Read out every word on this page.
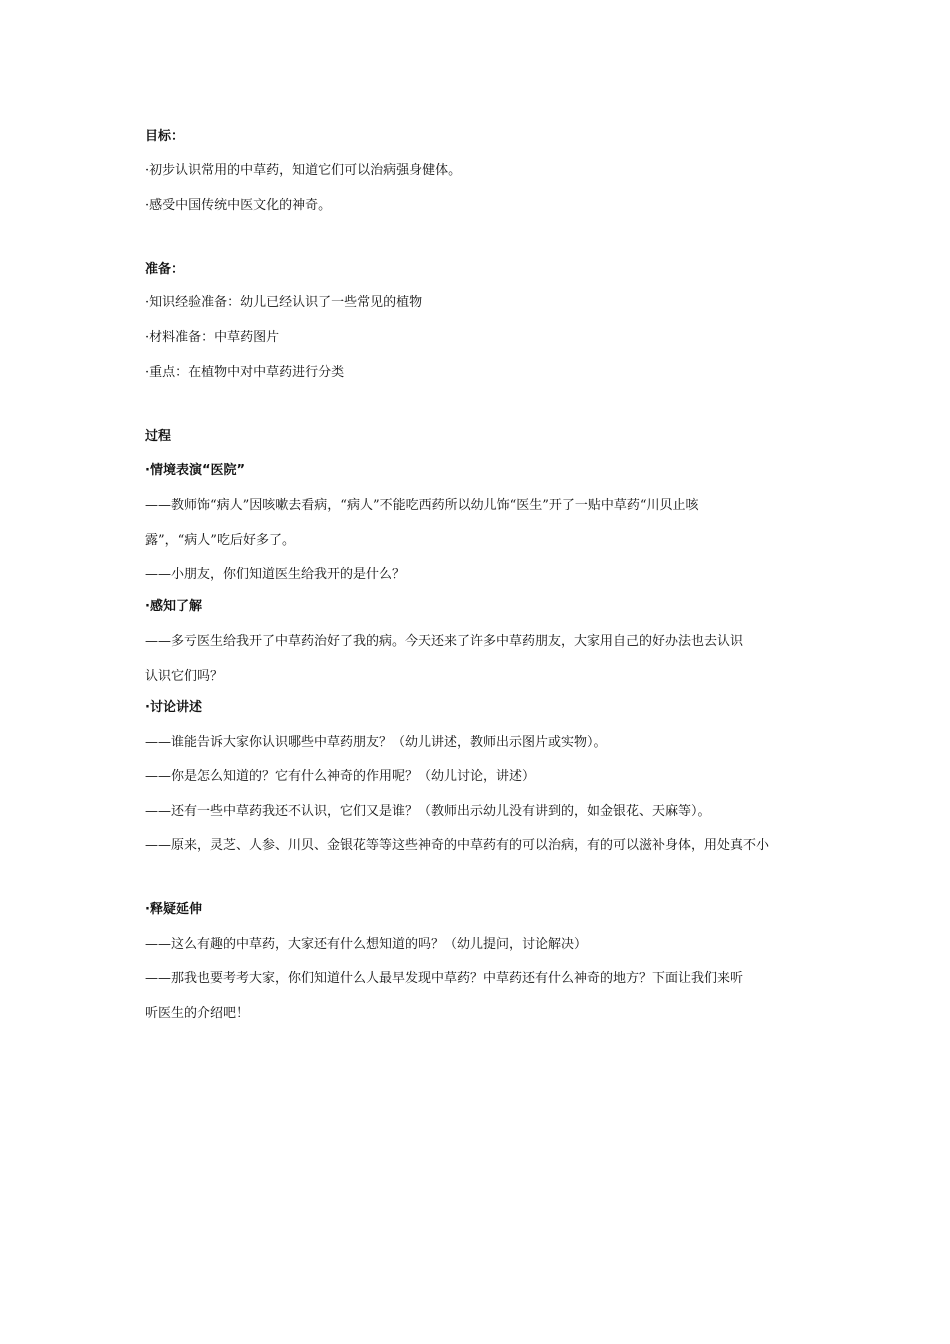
目标：
·初步认识常用的中草药，知道它们可以治病强身健体。
·感受中国传统中医文化的神奇。
准备：
·知识经验准备：幼儿已经认识了一些常见的植物
·材料准备：中草药图片
·重点：在植物中对中草药进行分类
过程
·情境表演“医院”
——教师饰“病人”因咳嗽去看病，“病人”不能吃西药所以幼儿饰“医生”开了一贴中草药“川贝止咳
露”，“病人”吃后好多了。
——小朋友，你们知道医生给我开的是什么？
·感知了解
——多亏医生给我开了中草药治好了我的病。今天还来了许多中草药朋友，大家用自己的好办法也去认识
认识它们吗？
·讨论讲述
——谁能告诉大家你认识哪些中草药朋友？（幼儿讲述，教师出示图片或实物）。
——你是怎么知道的？它有什么神奇的作用呢？（幼儿讨论，讲述）
——还有一些中草药我还不认识，它们又是谁？（教师出示幼儿没有讲到的，如金银花、天麻等）。
——原来，灵芝、人参、川贝、金银花等等这些神奇的中草药有的可以治病，有的可以滋补身体，用处真不小
·释疑延伸
——这么有趣的中草药，大家还有什么想知道的吗？（幼儿提问，讨论解决）
——那我也要考考大家，你们知道什么人最早发现中草药？中草药还有什么神奇的地方？下面让我们来听
听医生的介绍吧！
